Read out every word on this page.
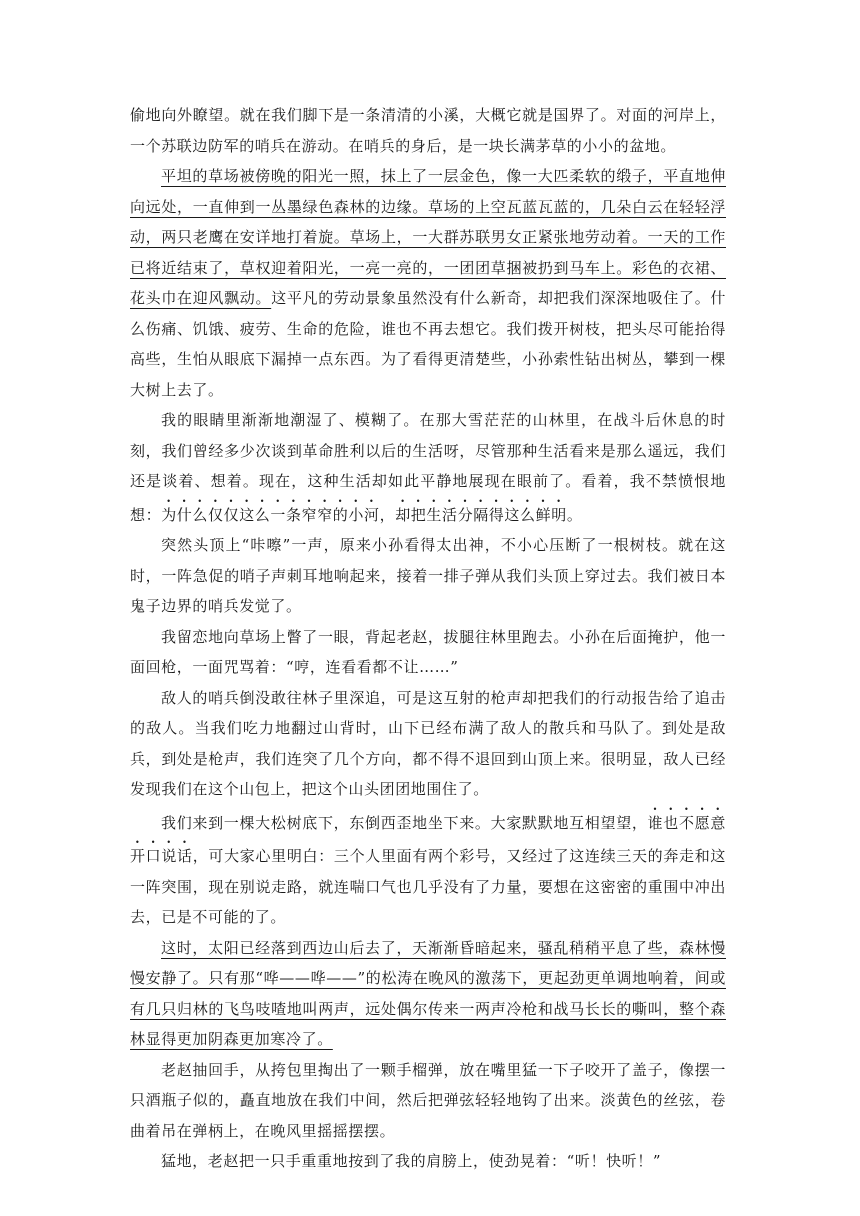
偷地向外瞭望。就在我们脚下是一条清清的小溪，大概它就是国界了。对面的河岸上，一个苏联边防军的哨兵在游动。在哨兵的身后，是一块长满茅草的小小的盆地。

平坦的草场被傍晚的阳光一照，抹上了一层金色，像一大匹柔软的缎子，平直地伸向远处，一直伸到一丛墨绿色森林的边缘。草场的上空瓦蓝瓦蓝的，几朵白云在轻轻浮动，两只老鹰在安详地打着旋。草场上，一大群苏联男女正紧张地劳动着。一天的工作已将近结束了，草权迎着阳光，一亮一亮的，一团团草捆被扔到马车上。彩色的衣裙、花头巾在迎风飘动。这平凡的劳动景象虽然没有什么新奇，却把我们深深地吸住了。什么伤痛、饥饿、疲劳、生命的危险，谁也不再去想它。我们拨开树枝，把头尽可能抬得高些，生怕从眼底下漏掉一点东西。为了看得更清楚些，小孙索性钻出树丛，攀到一棵大树上去了。

我的眼睛里渐渐地潮湿了、模糊了。在那大雪茫茫的山林里，在战斗后休息的时刻，我们曾经多少次谈到革命胜利以后的生活呀，尽管那种生活看来是那么遥远，我们还是谈着、想着。现在，这种生活却如此平静地展现在眼前了。看着，我不禁愤恨地想：为什么仅仅这么一条窄窄的小河，却把生活分隔得这么鲜明。

突然头顶上“咔嚓”一声，原来小孙看得太出神，不小心压断了一根树枝。就在这时，一阵急促的哨子声刺耳地响起来，接着一排子弹从我们头顶上穿过去。我们被日本鬼子边界的哨兵发觉了。

我留恋地向草场上瞥了一眼，背起老赵，拔腿往林里跑去。小孙在后面掩护，他一面回枪，一面咒骂着：“哼，连看看都不让……”

敌人的哨兵倒没敢往林子里深追，可是这互射的枪声却把我们的行动报告给了追击的敌人。当我们吃力地翻过山背时，山下已经布满了敌人的散兵和马队了。到处是敌兵，到处是枪声，我们连突了几个方向，都不得不退回到山顶上来。很明显，敌人已经发现我们在这个山包上，把这个山头团团地围住了。

我们来到一棵大松树底下，东倒西歪地坐下来。大家默默地互相望望，谁也不愿意开口说话，可大家心里明白：三个人里面有两个彩号，又经过了这连续三天的奔走和这一阵突围，现在别说走路，就连喘口气也几乎没有了力量，要想在这密密的重围中冲出去，已是不可能的了。

这时，太阳已经落到西边山后去了，天渐渐昏暗起来，骚乱稍稍平息了些，森林慢慢安静了。只有那“哗——哗——”的松涛在晚风的激荡下，更起劲更单调地响着，间或有几只归林的飞鸟吱喳地叫两声，远处偶尔传来一两声冷枪和战马长长的嘶叫，整个森林显得更加阴森更加寒冷了。

老赵抽回手，从挎包里掏出了一颗手榴弹，放在嘴里猛一下子咬开了盖子，像摆一只酒瓶子似的，矗直地放在我们中间，然后把弹弦轻轻地钩了出来。淡黄色的丝弦，卷曲着吊在弹柄上，在晚风里摇摇摆摆。

猛地，老赵把一只手重重地按到了我的肩膀上，使劲晃着：“听！快听！”
